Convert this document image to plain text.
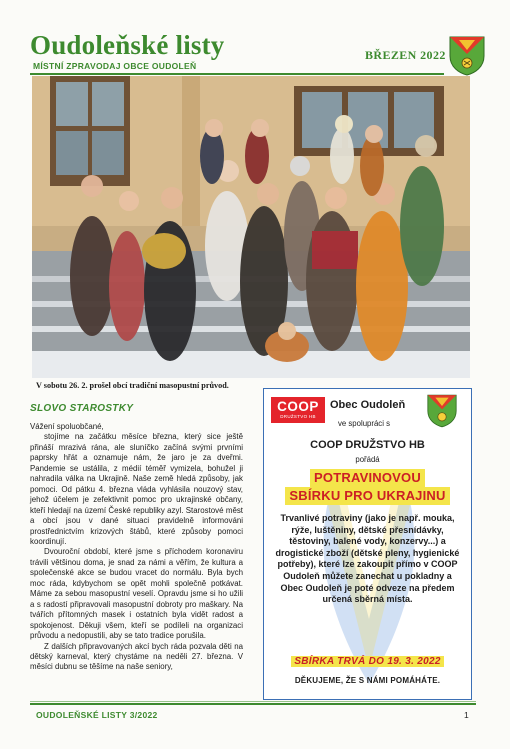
Oudoleňské listy
MÍSTNÍ ZPRAVODAJ OBCE OUDOLEŇ
BŘEZEN 2022
V sobotu 26. 2. prošel obcí tradiční masopustní průvod.
SLOVO STAROSTKY

Vážení spoluobčané,

stojíme na začátku měsíce března, který sice ještě přináší mrazivá rána, ale sluníčko začíná svými prvními paprsky hřát a oznamuje nám, že jaro je za dveřmi. Pandemie se ustálila, z médií téměř vymizela, bohužel ji nahradila válka na Ukrajině. Naše země hledá způsoby, jak pomoci. Od pátku 4. března vláda vyhlásila nouzový stav, jehož účelem je zefektivnit pomoc pro ukrajinské občany, kteří hledají na území České republiky azyl. Starostové měst a obcí jsou v dané situaci pravidelně informováni prostřednictvím krizových štábů, které způsoby pomoci koordinují.

Dvouroční období, které jsme s příchodem koronaviru trávili většinou doma, je snad za námi a věřím, že kultura a společenské akce se budou vracet do normálu. Byla bych moc ráda, kdybychom se opět mohli společně potkávat. Máme za sebou masopustní veselí. Opravdu jsme si ho užili a s radostí připravovali masopustní dobroty pro maškary. Na tvářích přítomných masek i ostatních byla vidět radost a spokojenost. Děkuji všem, kteří se podíleli na organizaci průvodu a nedopustili, aby se tato tradice porušila.

Z dalších připravovaných akcí bych ráda pozvala děti na dětský karneval, který chystáme na neděli 27. března. V měsíci dubnu se těšíme na naše seniory,

COOP
DRUŽSTVO HB
Obec Oudoleň
ve spolupráci s
COOP DRUŽSTVO HB
pořádá
POTRAVINOVOU
SBÍRKU PRO UKRAJINU
Trvanlivé potraviny (jako je např. mouka, rýže, luštěniny, dětské přesnídávky, těstoviny, balené vody, konzervy...) a drogistické zboží (dětské pleny, hygienické potřeby), které lze zakoupit přímo v COOP Oudoleň můžete zanechat u pokladny a Obec Oudoleň je poté odveze na předem určená sběrná místa.
SBÍRKA TRVÁ DO 19. 3. 2022
DĚKUJEME, ŽE S NÁMI POMÁHÁTE.
OUDOLEŇSKÉ LISTY 3/2022	1
